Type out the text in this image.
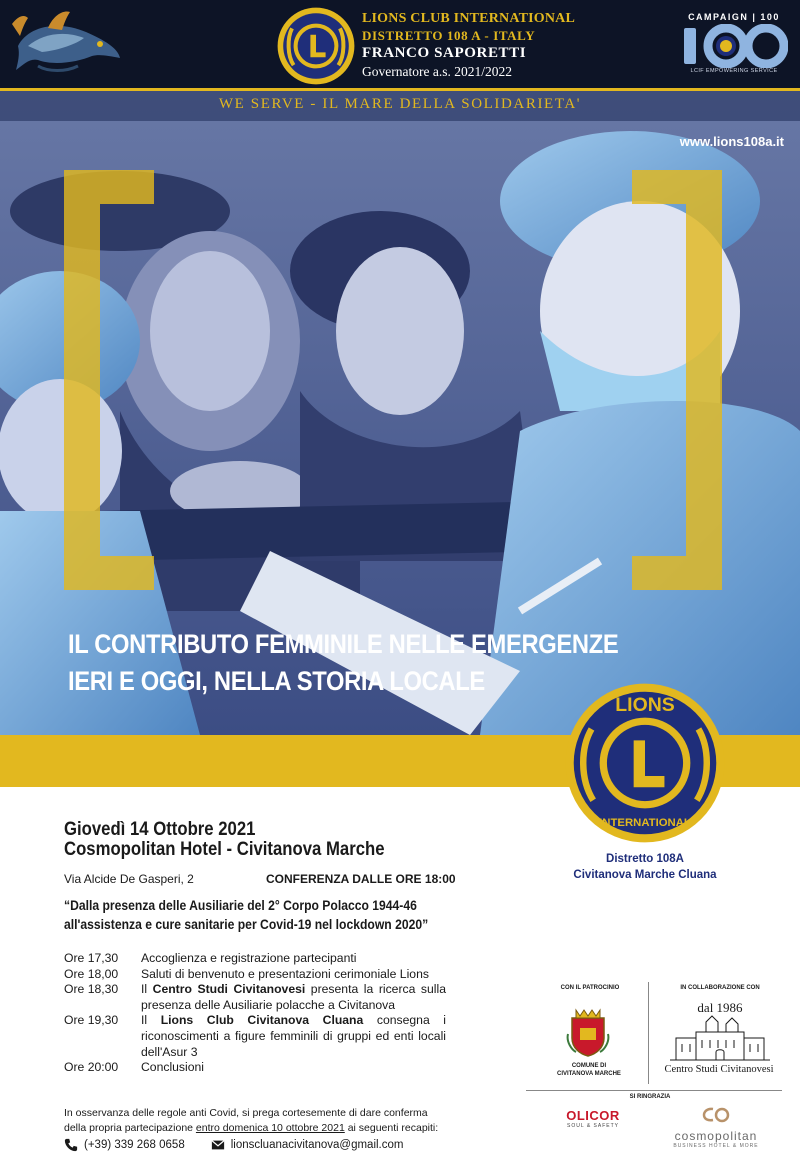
LIONS CLUB INTERNATIONAL
DISTRETTO 108 A - ITALY
FRANCO SAPORETTI
Governatore a.s. 2021/2022
CAMPAIGN | 100
LCIF EMPOWERING SERVICE
WE SERVE - IL MARE DELLA SOLIDARIETA'
www.lions108a.it
IL CONTRIBUTO FEMMINILE NELLE EMERGENZE
IERI E OGGI, NELLA STORIA LOCALE
LIONS
INTERNATIONAL
Distretto 108A
Civitanova Marche Cluana
Giovedì 14 Ottobre 2021
Cosmopolitan Hotel - Civitanova Marche
Via Alcide De Gasperi, 2	CONFERENZA DALLE ORE 18:00
“Dalla presenza delle Ausiliarie del 2° Corpo Polacco 1944-46
all'assistenza e cure sanitarie per Covid-19 nel lockdown 2020”
Ore 17,30	Accoglienza e registrazione partecipanti
Ore 18,00	Saluti di benvenuto e presentazioni cerimoniale Lions
Ore 18,30	Il Centro Studi Civitanovesi presenta la ricerca sulla presenza delle Ausiliarie polacche a Civitanova
Ore 19,30	Il Lions Club Civitanova Cluana consegna i riconoscimenti a figure femminili di gruppi ed enti locali dell'Asur 3
Ore 20:00	Conclusioni
In osservanza delle regole anti Covid, si prega cortesemente di dare conferma
della propria partecipazione entro domenica 10 ottobre 2021 ai seguenti recapiti:
(+39) 339 268 0658	lionscluanacivitanova@gmail.com
CON IL PATROCINIO	IN COLLABORAZIONE CON
COMUNE DI
CIVITANOVA MARCHE
dal 1986
Centro Studi Civitanovesi
SI RINGRAZIA
OLICOR
SOUL & SAFETY
cosmopolitan
BUSINESS HOTEL & MORE
